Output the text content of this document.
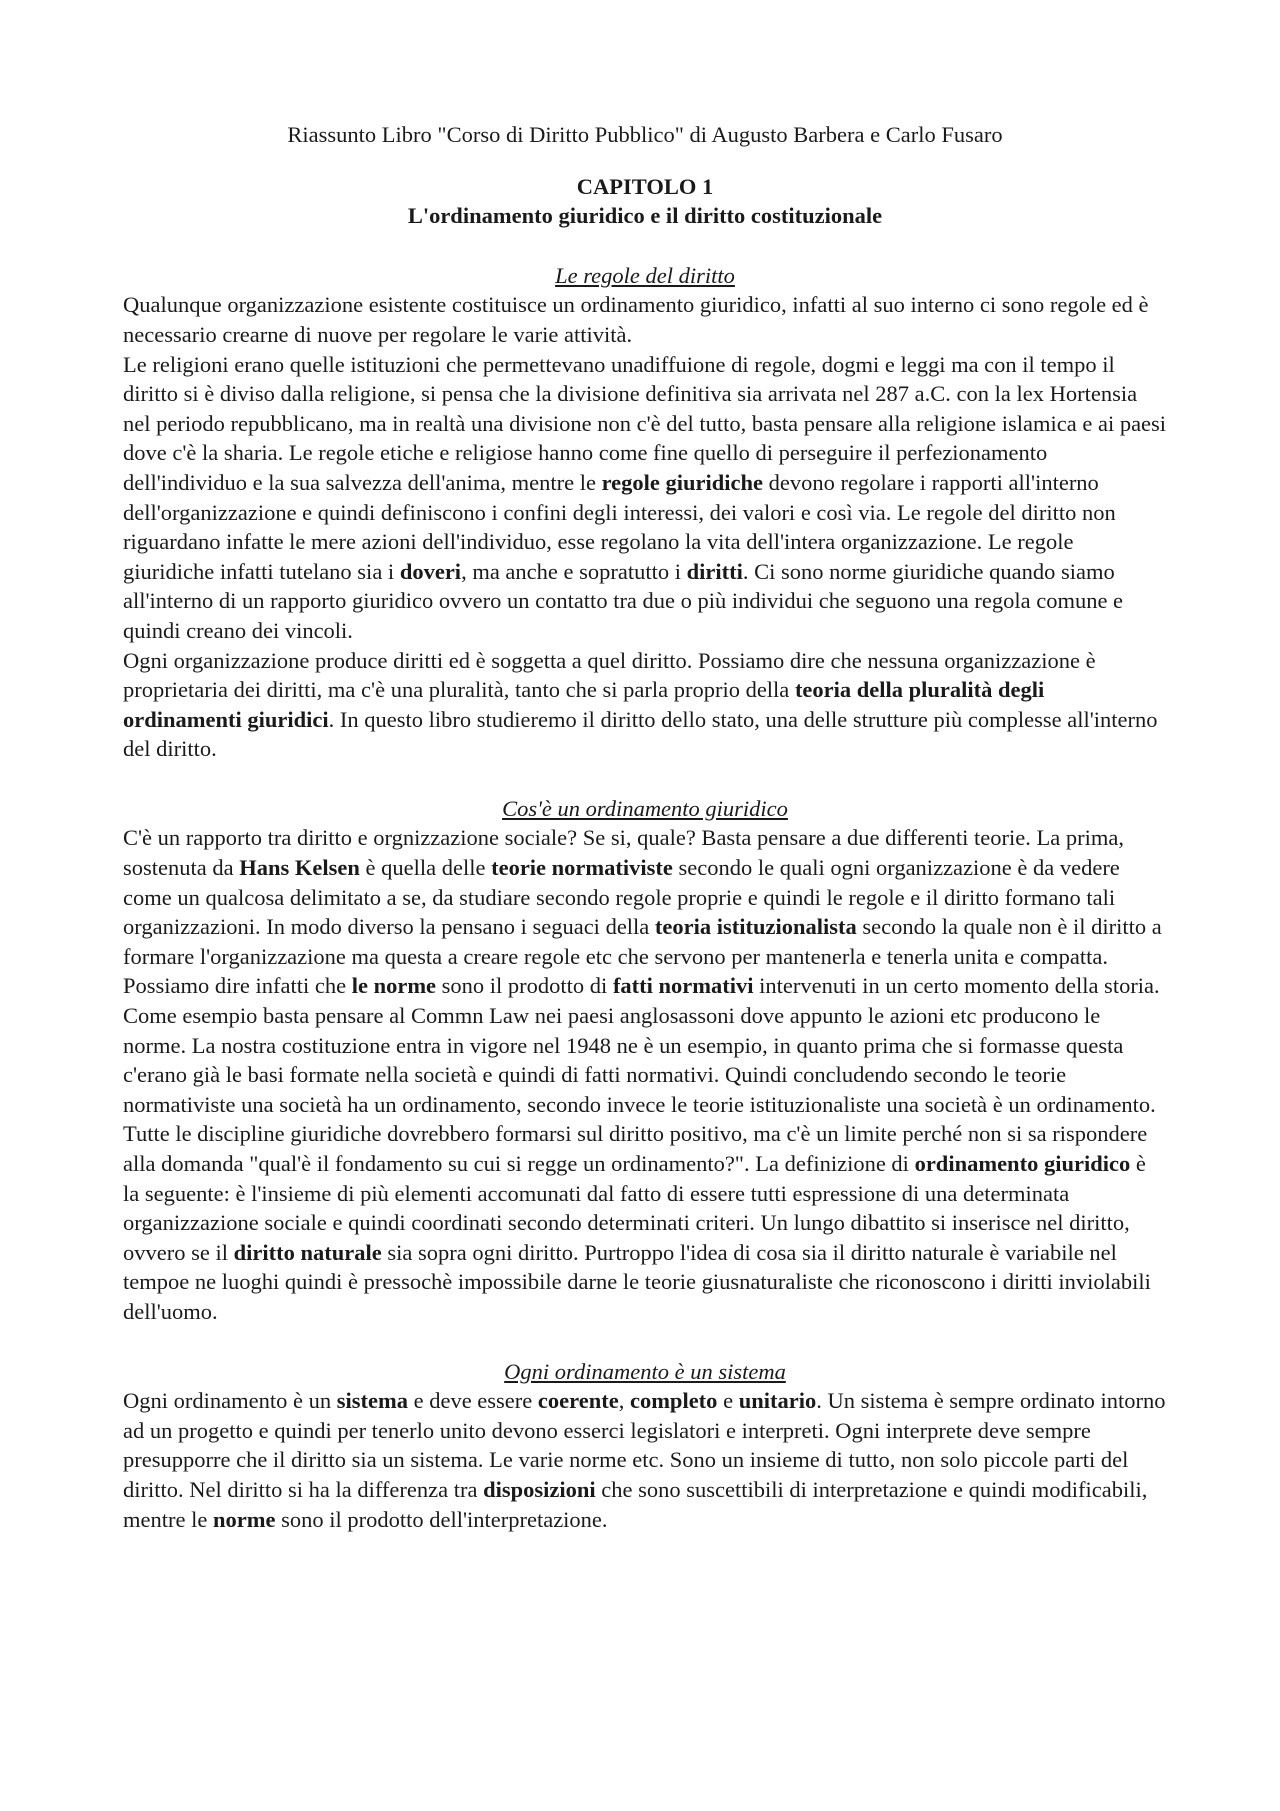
Riassunto Libro "Corso di Diritto Pubblico" di Augusto Barbera e Carlo Fusaro
CAPITOLO 1
L'ordinamento giuridico e il diritto costituzionale
Le regole del diritto

Qualunque organizzazione esistente costituisce un ordinamento giuridico, infatti al suo interno ci sono regole ed è necessario crearne di nuove per regolare le varie attività.

Le religioni erano quelle istituzioni che permettevano unadiffuione di regole, dogmi e leggi ma con il tempo il diritto si è diviso dalla religione, si pensa che la divisione definitiva sia arrivata nel 287 a.C. con la lex Hortensia nel periodo repubblicano, ma in realtà una divisione non c'è del tutto, basta pensare alla religione islamica e ai paesi dove c'è la sharia. Le regole etiche e religiose hanno come fine quello di perseguire il perfezionamento dell'individuo e la sua salvezza dell'anima, mentre le regole giuridiche devono regolare i rapporti all'interno dell'organizzazione e quindi definiscono i confini degli interessi, dei valori e così via. Le regole del diritto non riguardano infatte le mere azioni dell'individuo, esse regolano la vita dell'intera organizzazione. Le regole giuridiche infatti tutelano sia i doveri, ma anche e sopratutto i diritti. Ci sono norme giuridiche quando siamo all'interno di un rapporto giuridico ovvero un contatto tra due o più individui che seguono una regola comune e quindi creano dei vincoli.

Ogni organizzazione produce diritti ed è soggetta a quel diritto. Possiamo dire che nessuna organizzazione è proprietaria dei diritti, ma c'è una pluralità, tanto che si parla proprio della teoria della pluralità degli ordinamenti giuridici. In questo libro studieremo il diritto dello stato, una delle strutture più complesse all'interno del diritto.

Cos'è un ordinamento giuridico

C'è un rapporto tra diritto e orgnizzazione sociale? Se si, quale? Basta pensare a due differenti teorie. La prima, sostenuta da Hans Kelsen è quella delle teorie normativiste secondo le quali ogni organizzazione è da vedere come un qualcosa delimitato a se, da studiare secondo regole proprie e quindi le regole e il diritto formano tali organizzazioni. In modo diverso la pensano i seguaci della teoria istituzionalista secondo la quale non è il diritto a formare l'organizzazione ma questa a creare regole etc che servono per mantenerla e tenerla unita e compatta. Possiamo dire infatti che le norme sono il prodotto di fatti normativi intervenuti in un certo momento della storia. Come esempio basta pensare al Commn Law nei paesi anglosassoni dove appunto le azioni etc producono le norme. La nostra costituzione entra in vigore nel 1948 ne è un esempio, in quanto prima che si formasse questa c'erano già le basi formate nella società e quindi di fatti normativi. Quindi concludendo secondo le teorie normativiste una società ha un ordinamento, secondo invece le teorie istituzionaliste una società è un ordinamento. Tutte le discipline giuridiche dovrebbero formarsi sul diritto positivo, ma c'è un limite perché non si sa rispondere alla domanda "qual'è il fondamento su cui si regge un ordinamento?". La definizione di ordinamento giuridico è la seguente: è l'insieme di più elementi accomunati dal fatto di essere tutti espressione di una determinata organizzazione sociale e quindi coordinati secondo determinati criteri. Un lungo dibattito si inserisce nel diritto, ovvero se il diritto naturale sia sopra ogni diritto. Purtroppo l'idea di cosa sia il diritto naturale è variabile nel tempoe ne luoghi quindi è pressochè impossibile darne le teorie giusnaturaliste che riconoscono i diritti inviolabili dell'uomo.

Ogni ordinamento è un sistema

Ogni ordinamento è un sistema e deve essere coerente, completo e unitario. Un sistema è sempre ordinato intorno ad un progetto e quindi per tenerlo unito devono esserci legislatori e interpreti. Ogni interprete deve sempre presupporre che il diritto sia un sistema. Le varie norme etc. Sono un insieme di tutto, non solo piccole parti del diritto. Nel diritto si ha la differenza tra disposizioni che sono suscettibili di interpretazione e quindi modificabili, mentre le norme sono il prodotto dell'interpretazione.
